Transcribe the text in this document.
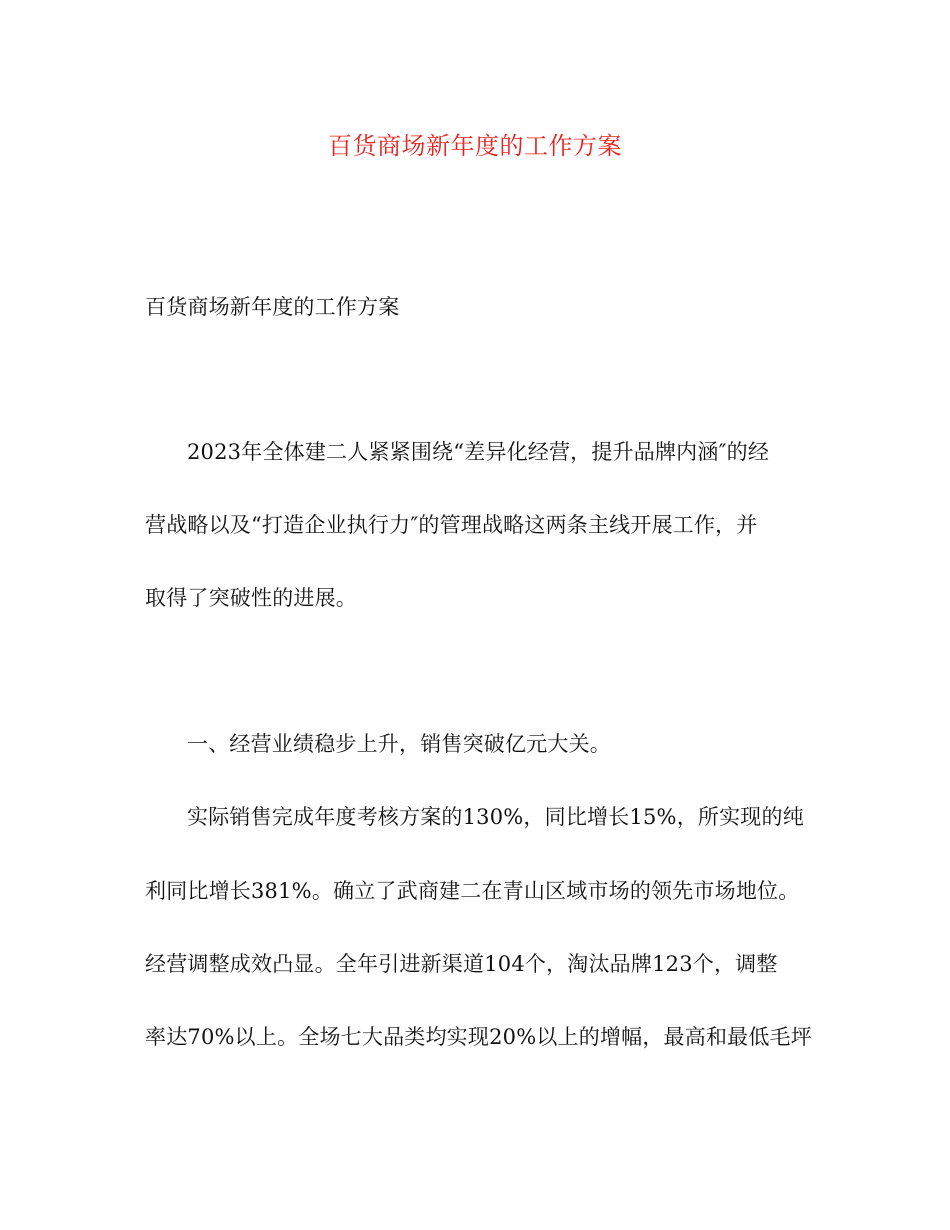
百货商场新年度的工作方案
百货商场新年度的工作方案
2023年全体建二人紧紧围绕“差异化经营，提升品牌内涵″的经
营战略以及“打造企业执行力″的管理战略这两条主线开展工作，并
取得了突破性的进展。
一、经营业绩稳步上升，销售突破亿元大关。
实际销售完成年度考核方案的130%，同比增长15%，所实现的纯
利同比增长381%。确立了武商建二在青山区域市场的领先市场地位。
经营调整成效凸显。全年引进新渠道104个，淘汰品牌123个，调整
率达70%以上。全场七大品类均实现20%以上的增幅，最高和最低毛坪
